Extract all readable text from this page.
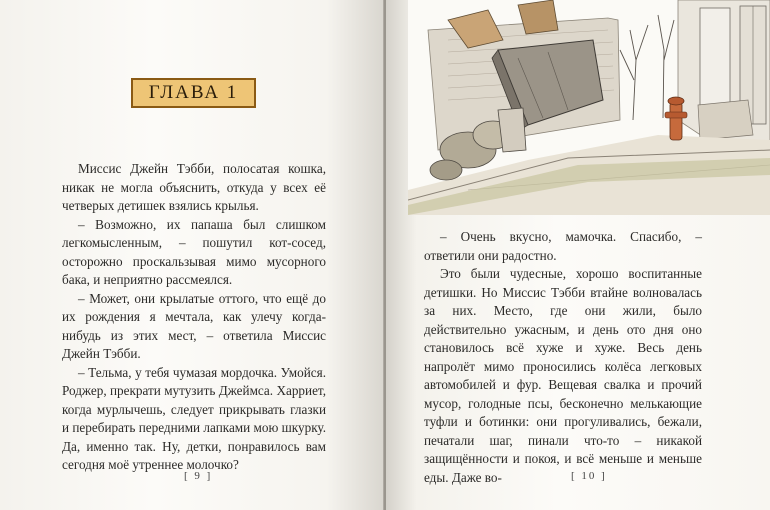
ГЛАВА 1

Миссис Джейн Тэбби, полосатая кошка, никак не могла объяснить, откуда у всех её четверых детишек взялись крылья.

– Возможно, их папаша был слишком легкомысленным, – пошутил кот-сосед, осторожно проскальзывая мимо мусорного бака, и неприятно рассмеялся.

– Может, они крылатые оттого, что ещё до их рождения я мечтала, как улечу когда-нибудь из этих мест, – ответила Миссис Джейн Тэбби.

– Тельма, у тебя чумазая мордочка. Умойся. Роджер, прекрати мутузить Джеймса. Харриет, когда мурлычешь, следует прикрывать глазки и перебирать передними лапками мою шкурку. Да, именно так. Ну, детки, понравилось вам сегодня моё утреннее молочко?

[ 9 ]	[ 10 ]

– Очень вкусно, мамочка. Спасибо, – ответили они радостно.

Это были чудесные, хорошо воспитанные детишки. Но Миссис Тэбби втайне волновалась за них. Место, где они жили, было действительно ужасным, и день ото дня оно становилось всё хуже и хуже. Весь день напролёт мимо проносились колёса легковых автомобилей и фур. Вещевая свалка и прочий мусор, голодные псы, бесконечно мелькающие туфли и ботинки: они прогуливались, бежали, печатали шаг, пинали что-то – никакой защищённости и покоя, и всё меньше и меньше еды. Даже во-
